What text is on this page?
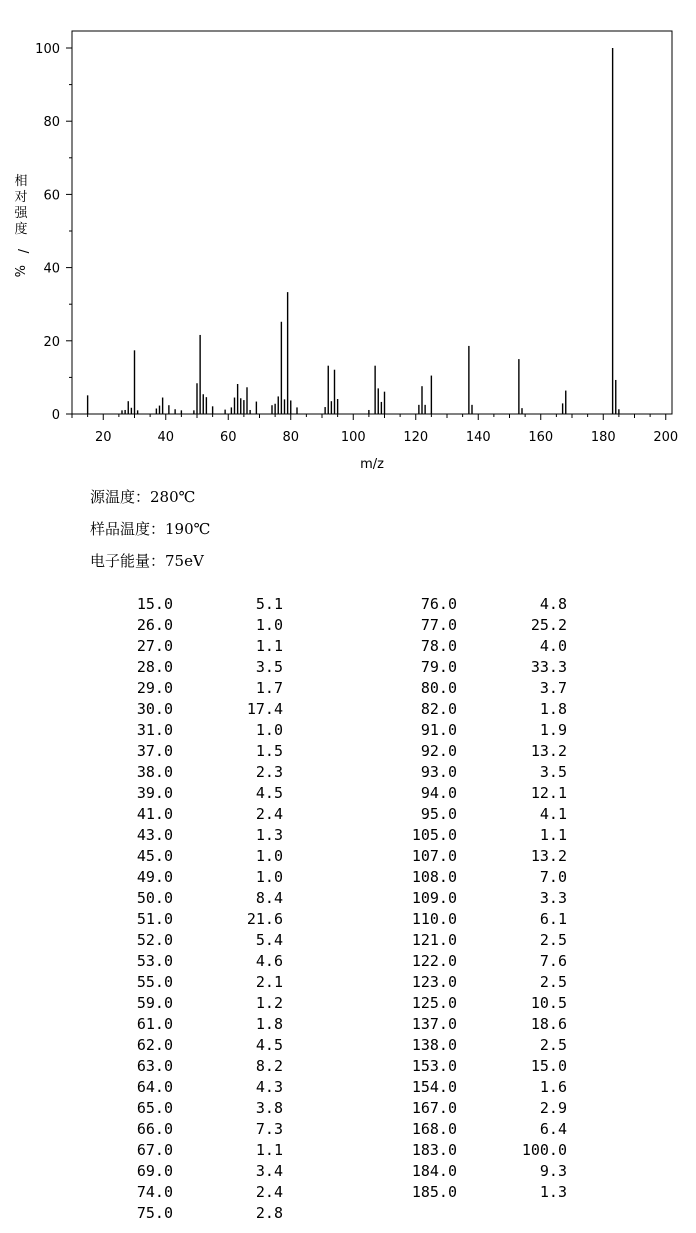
20	40	60	80	100	120	140	160	180	200
0
20
40
60
80
100
m/z
相对强度/ %
源温度：280℃
样品温度：190℃
电子能量：75eV
15.0	5.1
26.0	1.0
27.0	1.1
28.0	3.5
29.0	1.7
30.0	17.4
31.0	1.0
37.0	1.5
38.0	2.3
39.0	4.5
41.0	2.4
43.0	1.3
45.0	1.0
49.0	1.0
50.0	8.4
51.0	21.6
52.0	5.4
53.0	4.6
55.0	2.1
59.0	1.2
61.0	1.8
62.0	4.5
63.0	8.2
64.0	4.3
65.0	3.8
66.0	7.3
67.0	1.1
69.0	3.4
74.0	2.4
75.0	2.8
76.0	4.8
77.0	25.2
78.0	4.0
79.0	33.3
80.0	3.7
82.0	1.8
91.0	1.9
92.0	13.2
93.0	3.5
94.0	12.1
95.0	4.1
105.0	1.1
107.0	13.2
108.0	7.0
109.0	3.3
110.0	6.1
121.0	2.5
122.0	7.6
123.0	2.5
125.0	10.5
137.0	18.6
138.0	2.5
153.0	15.0
154.0	1.6
167.0	2.9
168.0	6.4
183.0	100.0
184.0	9.3
185.0	1.3
